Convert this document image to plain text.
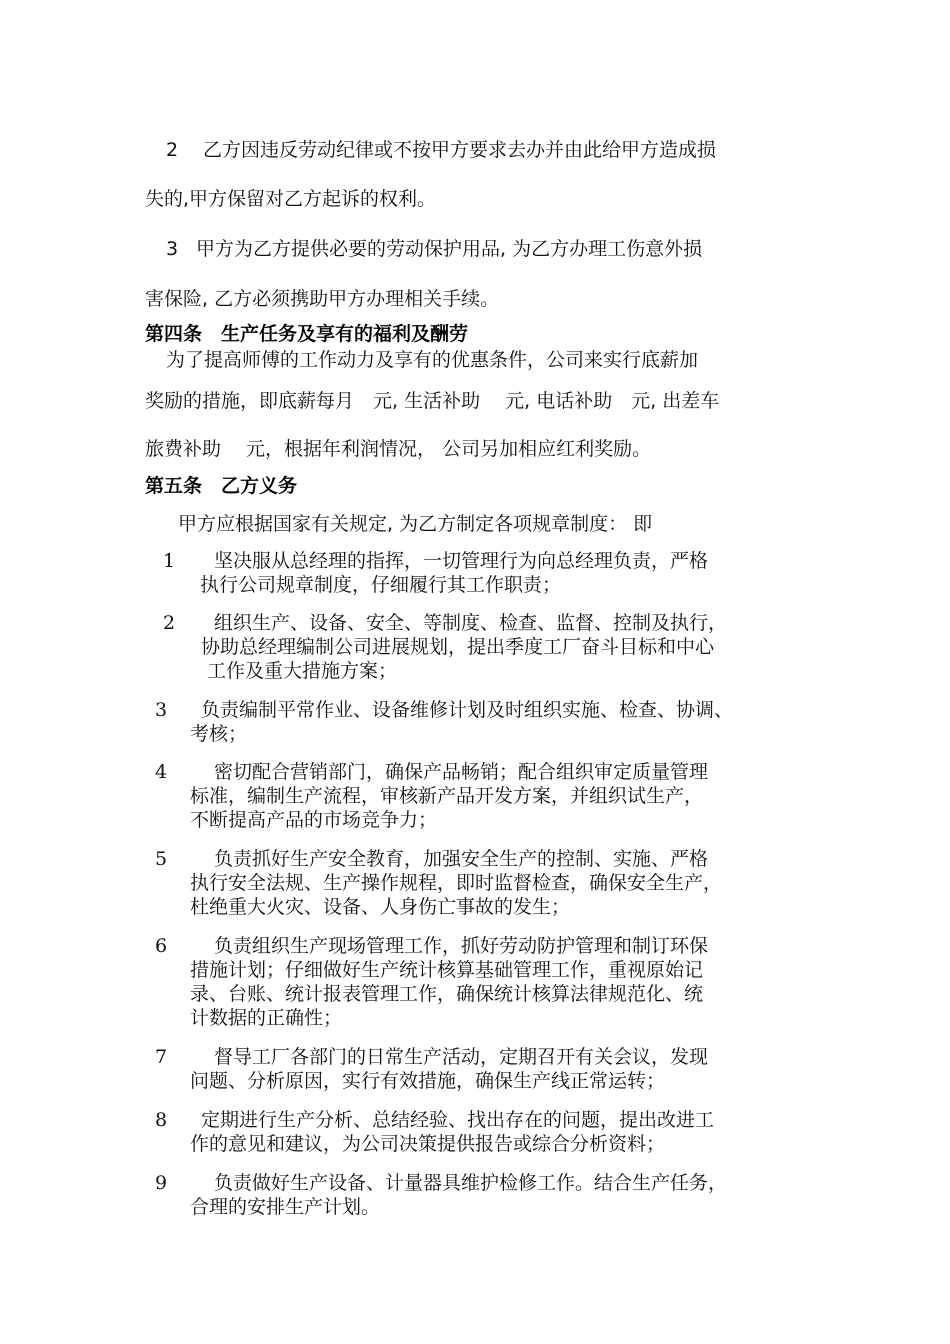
2 乙方因违反劳动纪律或不按甲方要求去办并由此给甲方造成损
失的,甲方保留对乙方起诉的权利。
3 甲方为乙方提供必要的劳动保护用品, 为乙方办理工伤意外损
害保险, 乙方必须携助甲方办理相关手续。
第四条　生产任务及享有的福利及酬劳
为了提高师傅的工作动力及享有的优惠条件，公司来实行底薪加
奖励的措施，即底薪每月　元, 生活补助　 元, 电话补助　元, 出差车
旅费补助　 元，根据年利润情况， 公司另加相应红利奖励。
第五条　乙方义务
甲方应根据国家有关规定, 为乙方制定各项规章制度： 即
1 坚决服从总经理的指挥，一切管理行为向总经理负责，严格
执行公司规章制度，仔细履行其工作职责；
2 组织生产、设备、安全、等制度、检查、监督、控制及执行，
协助总经理编制公司进展规划，提出季度工厂奋斗目标和中心
工作及重大措施方案；
3 负责编制平常作业、设备维修计划及时组织实施、检查、协调、
考核；
4 密切配合营销部门，确保产品畅销；配合组织审定质量管理
标准，编制生产流程，审核新产品开发方案，并组织试生产，
不断提高产品的市场竞争力；
5 负责抓好生产安全教育，加强安全生产的控制、实施、严格
执行安全法规、生产操作规程，即时监督检查，确保安全生产，
杜绝重大火灾、设备、人身伤亡事故的发生；
6 负责组织生产现场管理工作，抓好劳动防护管理和制订环保
措施计划；仔细做好生产统计核算基础管理工作，重视原始记
录、台账、统计报表管理工作，确保统计核算法律规范化、统
计数据的正确性；
7 督导工厂各部门的日常生产活动，定期召开有关会议，发现
问题、分析原因，实行有效措施，确保生产线正常运转；
8 定期进行生产分析、总结经验、找出存在的问题，提出改进工
作的意见和建议，为公司决策提供报告或综合分析资料；
9 负责做好生产设备、计量器具维护检修工作。结合生产任务，
合理的安排生产计划。
